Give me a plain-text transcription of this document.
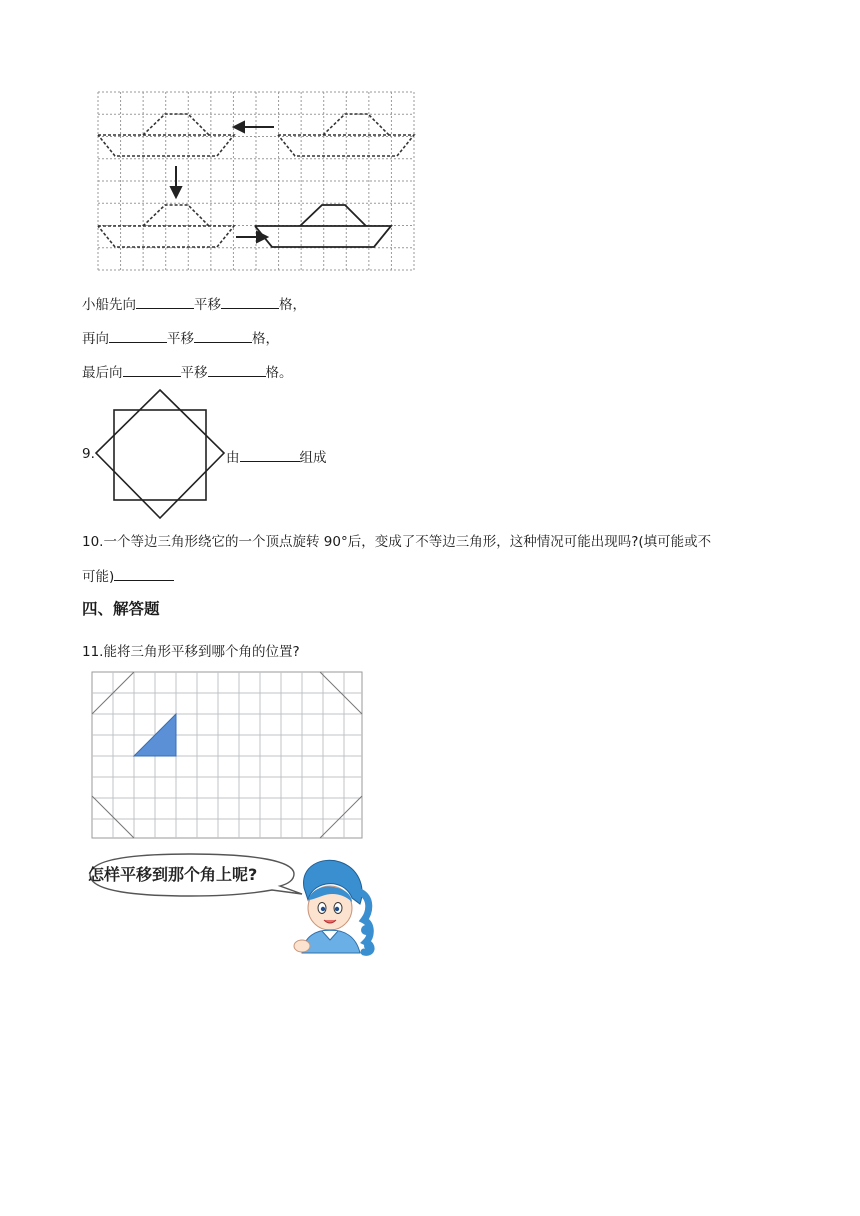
小船先向	平移	格，
再向	平移	格，
最后向	平移	格。
9.	由	组成
10.一个等边三角形绕它的一个顶点旋转 90°后，变成了不等边三角形，这种情况可能出现吗?(填可能或不
可能)
四、解答题
11.能将三角形平移到哪个角的位置?
怎样平移到那个角上呢?
